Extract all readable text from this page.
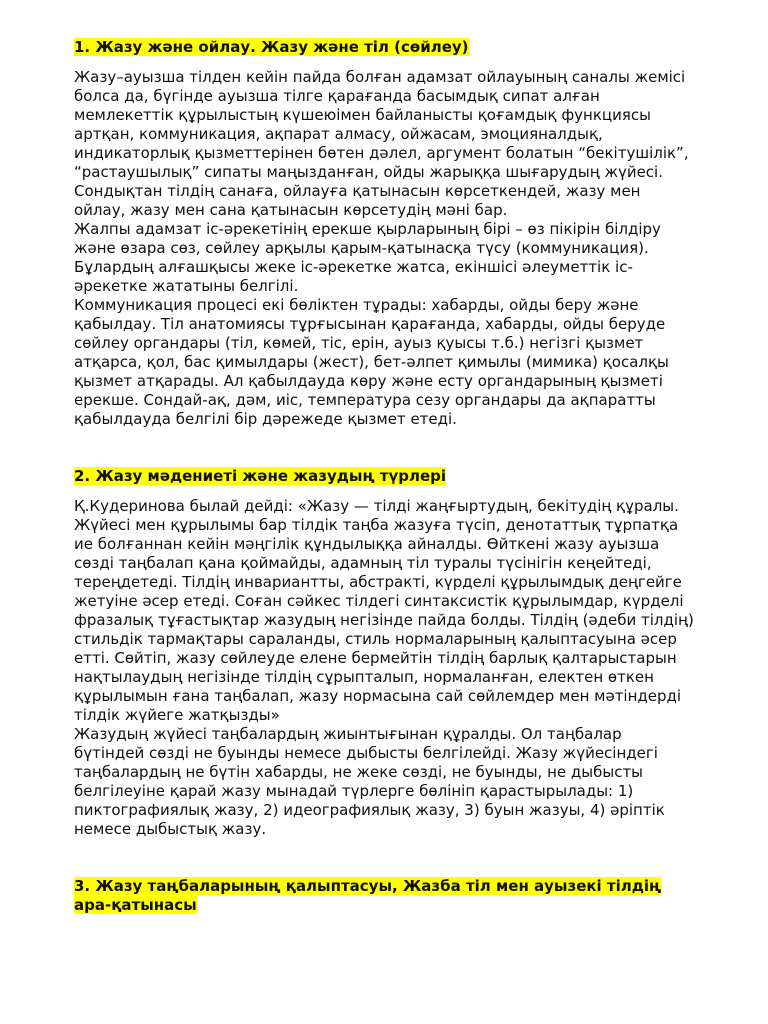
1. Жазу және ойлау. Жазу және тіл (сөйлеу)

Жазу–ауызша тілден кейін пайда болған адамзат ойлауының саналы жемісі болса да, бүгінде ауызша тілге қарағанда басымдық сипат алған мемлекеттік құрылыстың күшеюімен байланысты қоғамдық функциясы артқан, коммуникация, ақпарат алмасу, ойжасам, эмоцияналдық, индикаторлық қызметтерінен бөтен дәлел, аргумент болатын “бекітушілік”, “растаушылық” сипаты маңызданған, ойды жарыққа шығарудың жүйесі. Сондықтан тілдің санаға, ойлауға қатынасын көрсеткендей, жазу мен ойлау, жазу мен сана қатынасын көрсетудің мәні бар.

Жалпы адамзат іс-әрекетінің ерекше қырларының бірі – өз пікірін білдіру және өзара сөз, сөйлеу арқылы қарым-қатынасқа түсу (коммуникация). Бұлардың алғашқысы жеке іс-әрекетке жатса, екіншісі әлеуметтік іс-әрекетке жататыны белгілі.

Коммуникация процесі екі бөліктен тұрады: хабарды, ойды беру және қабылдау. Тіл анатомиясы тұрғысынан қарағанда, хабарды, ойды беруде сөйлеу органдары (тіл, көмей, тіс, ерін, ауыз қуысы т.б.) негізгі қызмет атқарса, қол, бас қимылдары (жест), бет-әлпет қимылы (мимика) қосалқы қызмет атқарады. Ал қабылдауда көру және есту органдарының қызметі ерекше. Сондай-ақ, дәм, иіс, температура сезу органдары да ақпаратты қабылдауда белгілі бір дәрежеде қызмет етеді.

2. Жазу мәдениеті және жазудың түрлері

Қ.Кудеринова былай дейді: «Жазу — тілді жаңғыртудың, бекітудің құралы. Жүйесі мен құрылымы бар тілдік таңба жазуға түсіп, денотаттық тұрпатқа ие болғаннан кейін мәңгілік құндылыққа айналды. Өйткені жазу ауызша сөзді таңбалап қана қоймайды, адамның тіл туралы түсінігін кеңейтеді, тереңдетеді. Тілдің инвариантты, абстракті, күрделі құрылымдық деңгейге жетуіне әсер етеді. Соған сәйкес тілдегі синтаксистік құрылымдар, күрделі фразалық тұғастықтар жазудың негізінде пайда болды. Тілдің (әдеби тілдің) стильдік тармақтары сараланды, стиль нормаларының қалыптасуына әсер етті. Сөйтіп, жазу сөйлеуде елене бермейтін тілдің барлық қалтарыстарын нақтылаудың негізінде тілдің сұрыпталып, нормаланған, електен өткен құрылымын ғана таңбалап, жазу нормасына сай сөйлемдер мен мәтіндерді тілдік жүйеге жатқызды»

Жазудың жүйесі таңбалардың жиынтығынан құралды. Ол таңбалар бүтіндей сөзді не буынды немесе дыбысты белгілейді. Жазу жүйесіндегі таңбалардың не бүтін хабарды, не жеке сөзді, не буынды, не дыбысты белгілеуіне қарай жазу мынадай түрлерге бөлініп қарастырылады: 1) пиктографиялық жазу, 2) идеографиялық жазу, 3) буын жазуы, 4) әріптік немесе дыбыстық жазу.

3. Жазу таңбаларының қалыптасуы, Жазба тіл мен ауызекі тілдің ара-қатынасы
